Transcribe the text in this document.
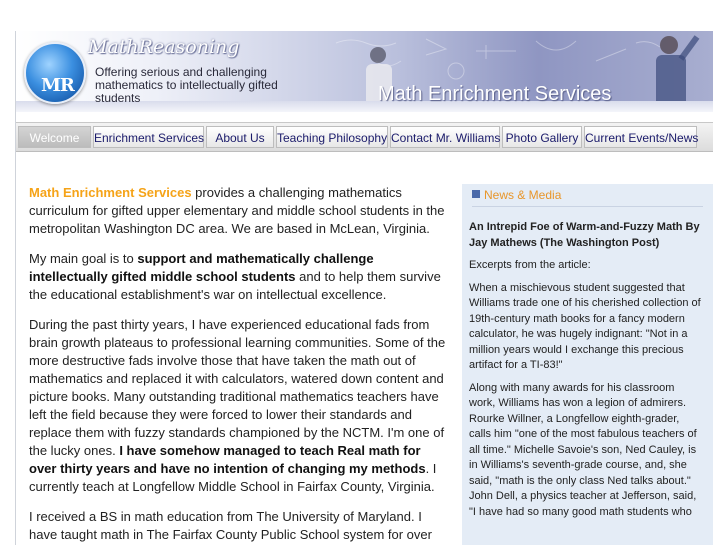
MR
MathReasoning
Offering serious and challenging mathematics to intellectually gifted students	Math Enrichment Services
Welcome	Enrichment Services About Us	Teaching Philosophy Contact Mr. Williams Photo Gallery Current Events/News

Math Enrichment Services provides a challenging mathematics curriculum for gifted upper elementary and middle school students in the metropolitan Washington DC area. We are based in McLean, Virginia.

My main goal is to support and mathematically challenge intellectually gifted middle school students and to help them survive the educational establishment's war on intellectual excellence.

During the past thirty years, I have experienced educational fads from brain growth plateaus to professional learning communities. Some of the more destructive fads involve those that have taken the math out of mathematics and replaced it with calculators, watered down content and picture books. Many outstanding traditional mathematics teachers have left the field because they were forced to lower their standards and replace them with fuzzy standards championed by the NCTM. I'm one of the lucky ones. I have somehow managed to teach Real math for over thirty years and have no intention of changing my methods. I currently teach at Longfellow Middle School in Fairfax County, Virginia.

I received a BS in math education from The University of Maryland. I have taught math in The Fairfax County Public School system for over

News & Media

An Intrepid Foe of Warm-and-Fuzzy Math By Jay Mathews (The Washington Post)

Excerpts from the article:

When a mischievous student suggested that Williams trade one of his cherished collection of 19th-century math books for a fancy modern calculator, he was hugely indignant: "Not in a million years would I exchange this precious artifact for a TI-83!"

Along with many awards for his classroom work, Williams has won a legion of admirers. Rourke Willner, a Longfellow eighth-grader, calls him "one of the most fabulous teachers of all time." Michelle Savoie's son, Ned Cauley, is in Williams's seventh-grade course, and, she said, "math is the only class Ned talks about." John Dell, a physics teacher at Jefferson, said, "I have had so many good math students who
